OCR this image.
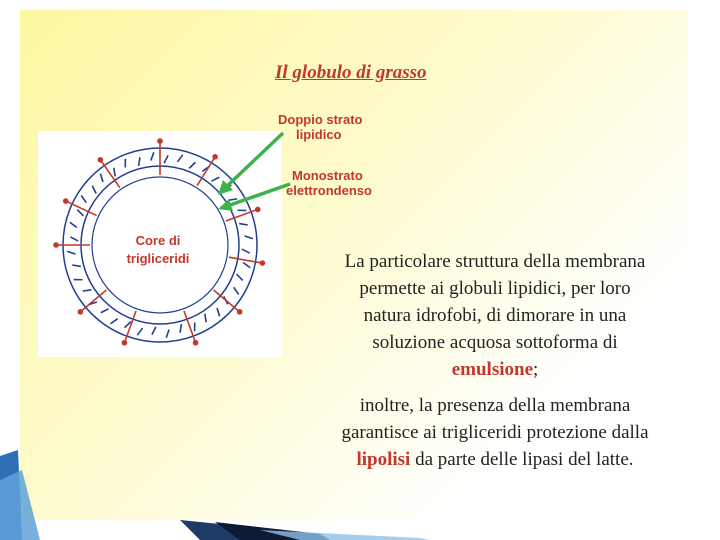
Il globulo di grasso
Doppio strato
lipidico
Monostrato
elettrondenso
Core di
trigliceridi	La particolare struttura della membrana
permette ai globuli lipidici, per loro
natura idrofobi, di dimorare in una
soluzione acquosa sottoforma di
emulsione;
inoltre, la presenza della membrana
garantisce ai trigliceridi protezione dalla
lipolisi da parte delle lipasi del latte.
